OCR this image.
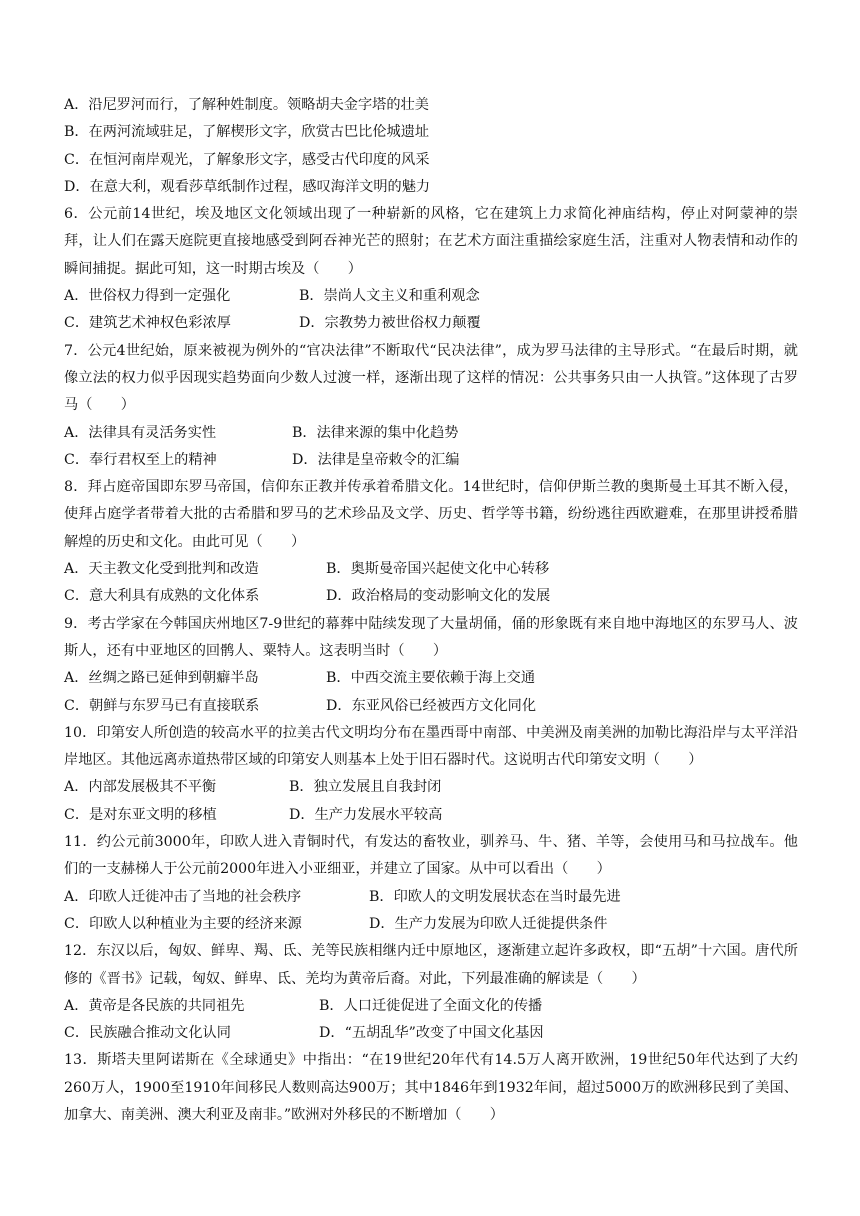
A．沿尼罗河而行，了解种姓制度。领略胡夫金字塔的壮美
B．在两河流域驻足，了解楔形文字，欣赏古巴比伦城遗址
C．在恒河南岸观光，了解象形文字，感受古代印度的风采
D．在意大利，观看莎草纸制作过程，感叹海洋文明的魅力
6．公元前14世纪，埃及地区文化领域出现了一种崭新的风格，它在建筑上力求简化神庙结构，停止对阿蒙神的崇拜，让人们在露天庭院更直接地感受到阿吞神光芒的照射；在艺术方面注重描绘家庭生活，注重对人物表情和动作的瞬间捕捉。据此可知，这一时期古埃及（　　）
A．世俗权力得到一定强化	B．崇尚人文主义和重利观念
C．建筑艺术神权色彩浓厚	D．宗教势力被世俗权力颠覆
7．公元4世纪始，原来被视为例外的“官决法律”不断取代“民决法律”，成为罗马法律的主导形式。“在最后时期，就像立法的权力似乎因现实趋势面向少数人过渡一样，逐渐出现了这样的情况：公共事务只由一人执管。”这体现了古罗马（　　）
A．法律具有灵活务实性	B．法律来源的集中化趋势
C．奉行君权至上的精神	D．法律是皇帝敕令的汇编
8．拜占庭帝国即东罗马帝国，信仰东正教并传承着希腊文化。14世纪时，信仰伊斯兰教的奥斯曼土耳其不断入侵，使拜占庭学者带着大批的古希腊和罗马的艺术珍品及文学、历史、哲学等书籍，纷纷逃往西欧避难，在那里讲授希腊解煌的历史和文化。由此可见（　　）
A．天主教文化受到批判和改造	B．奥斯曼帝国兴起使文化中心转移
C．意大利具有成熟的文化体系	D．政治格局的变动影响文化的发展
9．考古学家在今韩国庆州地区7-9世纪的幕葬中陆续发现了大量胡俑，俑的形象既有来自地中海地区的东罗马人、波斯人，还有中亚地区的回鹘人、粟特人。这表明当时（　　）
A．丝绸之路已延伸到朝癖半岛	B．中西交流主要依赖于海上交通
C．朝鲜与东罗马已有直接联系	D．东亚风俗已经被西方文化同化
10．印第安人所创造的较高水平的拉美古代文明均分布在墨西哥中南部、中美洲及南美洲的加勒比海沿岸与太平洋沿岸地区。其他远离赤道热带区域的印第安人则基本上处于旧石器时代。这说明古代印第安文明（　　）
A．内部发展极其不平衡	B．独立发展且自我封闭
C．是对东亚文明的移植	D．生产力发展水平较高
11．约公元前3000年，印欧人进入青铜时代，有发达的畜牧业，驯养马、牛、猪、羊等，会使用马和马拉战车。他们的一支赫梯人于公元前2000年进入小亚细亚，并建立了国家。从中可以看出（　　）
A．印欧人迁徙冲击了当地的社会秩序	B．印欧人的文明发展状态在当时最先进
C．印欧人以种植业为主要的经济来源	D．生产力发展为印欧人迁徙提供条件
12．东汉以后，匈奴、鲜卑、羯、氐、羌等民族相继内迁中原地区，逐渐建立起许多政权，即“五胡”十六国。唐代所修的《晋书》记载，匈奴、鲜卑、氐、羌均为黄帝后裔。对此，下列最准确的解读是（　　）
A．黄帝是各民族的共同祖先	B．人口迁徙促进了全面文化的传播
C．民族融合推动文化认同	D．“五胡乱华”改变了中国文化基因
13．斯塔夫里阿诺斯在《全球通史》中指出：“在19世纪20年代有14.5万人离开欧洲，19世纪50年代达到了大约260万人，1900至1910年间移民人数则高达900万；其中1846年到1932年间，超过5000万的欧洲移民到了美国、加拿大、南美洲、澳大利亚及南非。”欧洲对外移民的不断增加（　　）
